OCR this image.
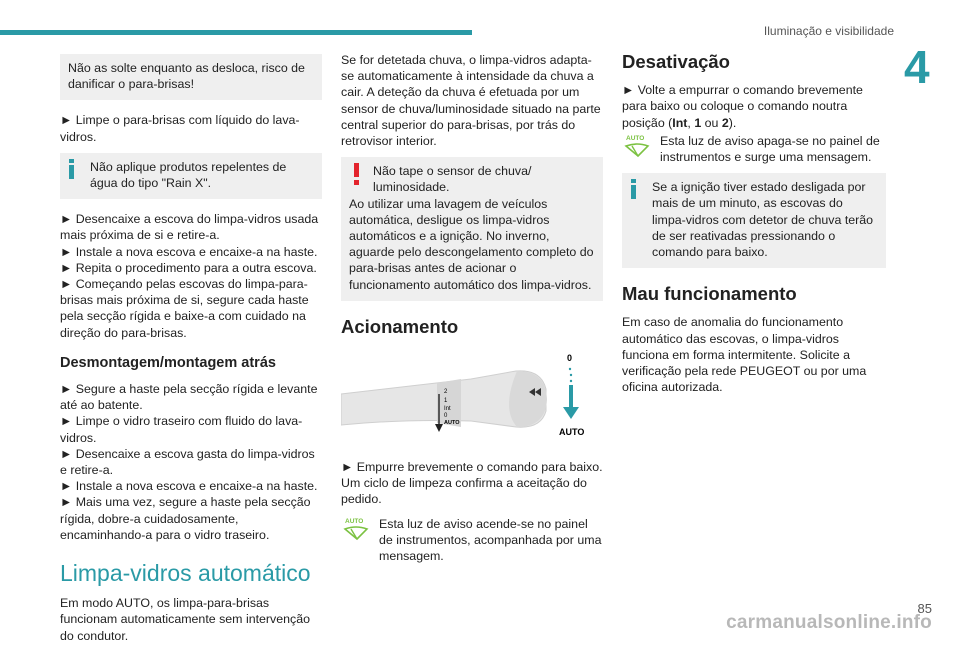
Iluminação e visibilidade
4
Não as solte enquanto as desloca, risco de danificar o para-brisas!

► Limpe o para-brisas com líquido do lava-vidros.

Não aplique produtos repelentes de água do tipo "Rain X".

► Desencaixe a escova do limpa-vidros usada mais próxima de si e retire-a.

► Instale a nova escova e encaixe-a na haste.

► Repita o procedimento para a outra escova.

► Começando pelas escovas do limpa-para-brisas mais próxima de si, segure cada haste pela secção rígida e baixe-a com cuidado na direção do para-brisas.

Desmontagem/montagem atrás

► Segure a haste pela secção rígida e levante até ao batente.

► Limpe o vidro traseiro com fluido do lava-vidros.

► Desencaixe a escova gasta do limpa-vidros e retire-a.

► Instale a nova escova e encaixe-a na haste.

► Mais uma vez, segure a haste pela secção rígida, dobre-a cuidadosamente, encaminhando-a para o vidro traseiro.

Limpa-vidros automático

Em modo AUTO, os limpa-para-brisas funcionam automaticamente sem intervenção do condutor.

Se for detetada chuva, o limpa-vidros adapta-se automaticamente à intensidade da chuva a cair. A deteção da chuva é efetuada por um sensor de chuva/luminosidade situado na parte central superior do para-brisas, por trás do retrovisor interior.

Não tape o sensor de chuva/ luminosidade.
Ao utilizar uma lavagem de veículos automática, desligue os limpa-vidros automáticos e a ignição. No inverno, aguarde pelo descongelamento completo do para-brisas antes de acionar o funcionamento automático dos limpa-vidros.
Acionamento
2
1
Int
0
AUTO
0
AUTO

► Empurre brevemente o comando para baixo. Um ciclo de limpeza confirma a aceitação do pedido.

AUTO Esta luz de aviso acende-se no painel de instrumentos, acompanhada por uma mensagem.
Desativação

► Volte a empurrar o comando brevemente para baixo ou coloque o comando noutra posição (Int, 1 ou 2).

AUTO Esta luz de aviso apaga-se no painel de instrumentos e surge uma mensagem.
Se a ignição tiver estado desligada por mais de um minuto, as escovas do limpa-vidros com detetor de chuva terão de ser reativadas pressionando o comando para baixo.
Mau funcionamento

Em caso de anomalia do funcionamento automático das escovas, o limpa-vidros funciona em forma intermitente. Solicite a verificação pela rede PEUGEOT ou por uma oficina autorizada.

carmanualsonline.info
85
